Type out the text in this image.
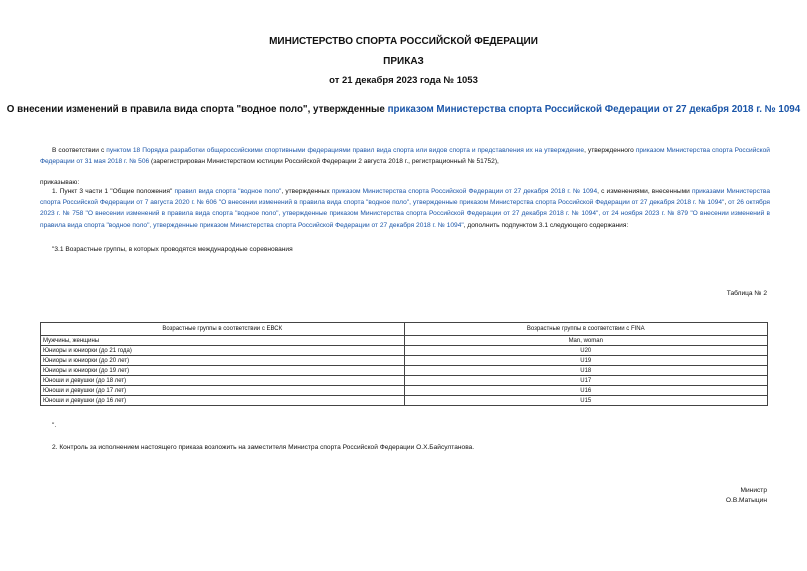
МИНИСТЕРСТВО СПОРТА РОССИЙСКОЙ ФЕДЕРАЦИИ
ПРИКАЗ
от 21 декабря 2023 года № 1053
О внесении изменений в правила вида спорта "водное поло", утвержденные приказом Министерства спорта Российской Федерации от 27 декабря 2018 г. № 1094
В соответствии с пунктом 18 Порядка разработки общероссийскими спортивными федерациями правил вида спорта или видов спорта и представления их на утверждение, утвержденного приказом Министерства спорта Российской Федерации от 31 мая 2018 г. № 506 (зарегистрирован Министерством юстиции Российской Федерации 2 августа 2018 г., регистрационный № 51752),
приказываю:
1. Пункт 3 части 1 "Общие положения" правил вида спорта "водное поло", утвержденных приказом Министерства спорта Российской Федерации от 27 декабря 2018 г. № 1094, с изменениями, внесенными приказами Министерства спорта Российской Федерации от 7 августа 2020 г. № 606 "О внесении изменений в правила вида спорта "водное поло", утвержденные приказом Министерства спорта Российской Федерации от 27 декабря 2018 г. № 1094", от 26 октября 2023 г. № 758 "О внесении изменений в правила вида спорта "водное поло", утвержденные приказом Министерства спорта Российской Федерации от 27 декабря 2018 г. № 1094", от 24 ноября 2023 г. № 879 "О внесении изменений в правила вида спорта "водное поло", утвержденные приказом Министерства спорта Российской Федерации от 27 декабря 2018 г. № 1094", дополнить подпунктом 3.1 следующего содержания:
"3.1 Возрастные группы, в которых проводятся международные соревнования
Таблица № 2
Возрастные группы в соответствии с ЕВСК	Возрастные группы в соответствии с FINA
Мужчины, женщины	Man, woman
Юниоры и юниорки (до 21 года)	U20
Юниоры и юниорки (до 20 лет)	U19
Юниоры и юниорки (до 19 лет)	U18
Юноши и девушки (до 18 лет)	U17
Юноши и девушки (до 17 лет)	U16
Юноши и девушки (до 16 лет)	U15
".
2. Контроль за исполнением настоящего приказа возложить на заместителя Министра спорта Российской Федерации О.Х.Байсултанова.
Министр
О.В.Матыцин
